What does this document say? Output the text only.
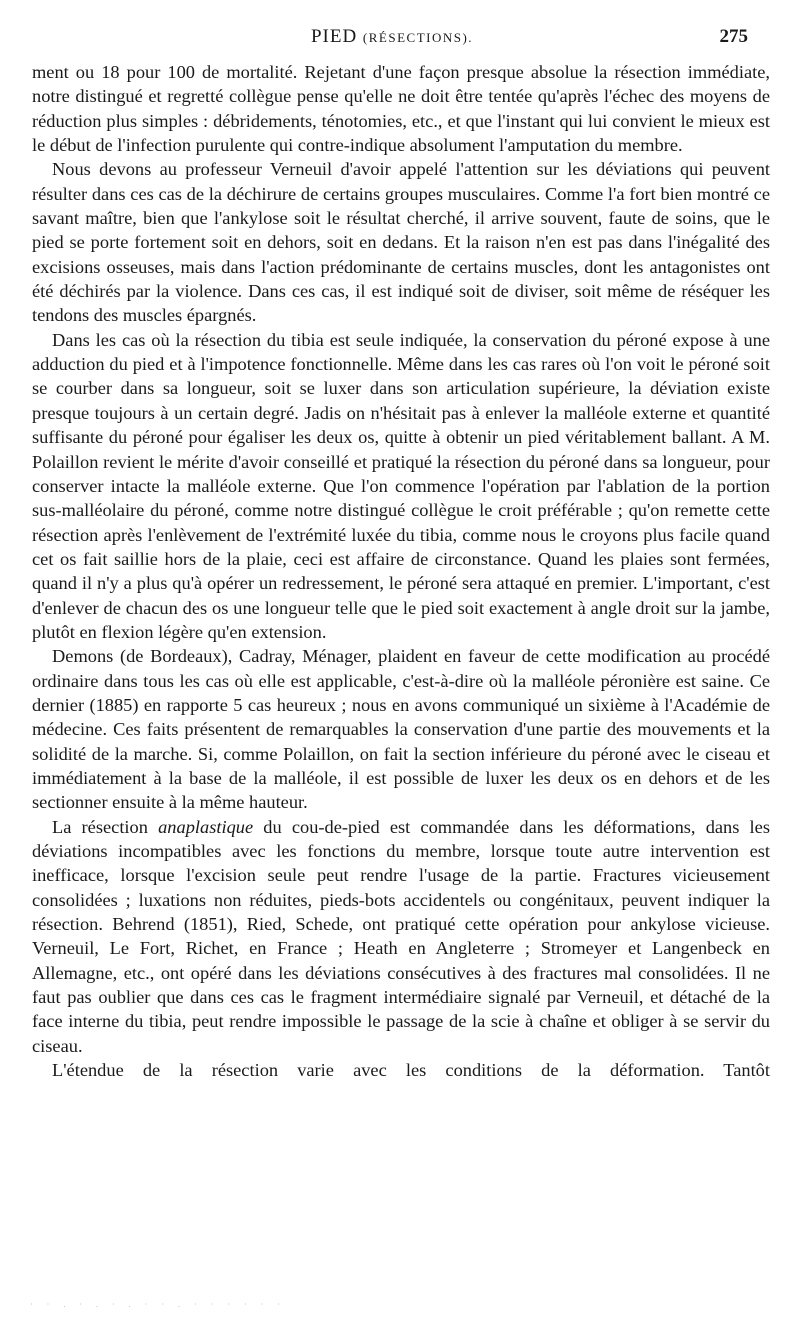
PIED (RÉSECTIONS).	275

ment ou 18 pour 100 de mortalité. Rejetant d'une façon presque absolue la résection immédiate, notre distingué et regretté collègue pense qu'elle ne doit être tentée qu'après l'échec des moyens de réduction plus simples : débridements, ténotomies, etc., et que l'instant qui lui convient le mieux est le début de l'infection purulente qui contre-indique absolument l'amputation du membre.

Nous devons au professeur Verneuil d'avoir appelé l'attention sur les déviations qui peuvent résulter dans ces cas de la déchirure de certains groupes musculaires. Comme l'a fort bien montré ce savant maître, bien que l'ankylose soit le résultat cherché, il arrive souvent, faute de soins, que le pied se porte fortement soit en dehors, soit en dedans. Et la raison n'en est pas dans l'inégalité des excisions osseuses, mais dans l'action prédominante de certains muscles, dont les antagonistes ont été déchirés par la violence. Dans ces cas, il est indiqué soit de diviser, soit même de réséquer les tendons des muscles épargnés.

Dans les cas où la résection du tibia est seule indiquée, la conservation du péroné expose à une adduction du pied et à l'impotence fonctionnelle. Même dans les cas rares où l'on voit le péroné soit se courber dans sa longueur, soit se luxer dans son articulation supérieure, la déviation existe presque toujours à un certain degré. Jadis on n'hésitait pas à enlever la malléole externe et quantité suffisante du péroné pour égaliser les deux os, quitte à obtenir un pied véritablement ballant. A M. Polaillon revient le mérite d'avoir conseillé et pratiqué la résection du péroné dans sa longueur, pour conserver intacte la malléole externe. Que l'on commence l'opération par l'ablation de la portion sus-malléolaire du péroné, comme notre distingué collègue le croit préférable ; qu'on remette cette résection après l'enlèvement de l'extrémité luxée du tibia, comme nous le croyons plus facile quand cet os fait saillie hors de la plaie, ceci est affaire de circonstance. Quand les plaies sont fermées, quand il n'y a plus qu'à opérer un redressement, le péroné sera attaqué en premier. L'important, c'est d'enlever de chacun des os une longueur telle que le pied soit exactement à angle droit sur la jambe, plutôt en flexion légère qu'en extension.

Demons (de Bordeaux), Cadray, Ménager, plaident en faveur de cette modification au procédé ordinaire dans tous les cas où elle est applicable, c'est-à-dire où la malléole péronière est saine. Ce dernier (1885) en rapporte 5 cas heureux ; nous en avons communiqué un sixième à l'Académie de médecine. Ces faits présentent de remarquables la conservation d'une partie des mouvements et la solidité de la marche. Si, comme Polaillon, on fait la section inférieure du péroné avec le ciseau et immédiatement à la base de la malléole, il est possible de luxer les deux os en dehors et de les sectionner ensuite à la même hauteur.

La résection anaplastique du cou-de-pied est commandée dans les déformations, dans les déviations incompatibles avec les fonctions du membre, lorsque toute autre intervention est inefficace, lorsque l'excision seule peut rendre l'usage de la partie. Fractures vicieusement consolidées ; luxations non réduites, pieds-bots accidentels ou congénitaux, peuvent indiquer la résection. Behrend (1851), Ried, Schede, ont pratiqué cette opération pour ankylose vicieuse. Verneuil, Le Fort, Richet, en France ; Heath en Angleterre ; Stromeyer et Langenbeck en Allemagne, etc., ont opéré dans les déviations consécutives à des fractures mal consolidées. Il ne faut pas oublier que dans ces cas le fragment intermédiaire signalé par Verneuil, et détaché de la face interne du tibia, peut rendre impossible le passage de la scie à chaîne et obliger à se servir du ciseau.

L'étendue de la résection varie avec les conditions de la déformation. Tantôt

· · . · . · . · · . · · · · · ·
